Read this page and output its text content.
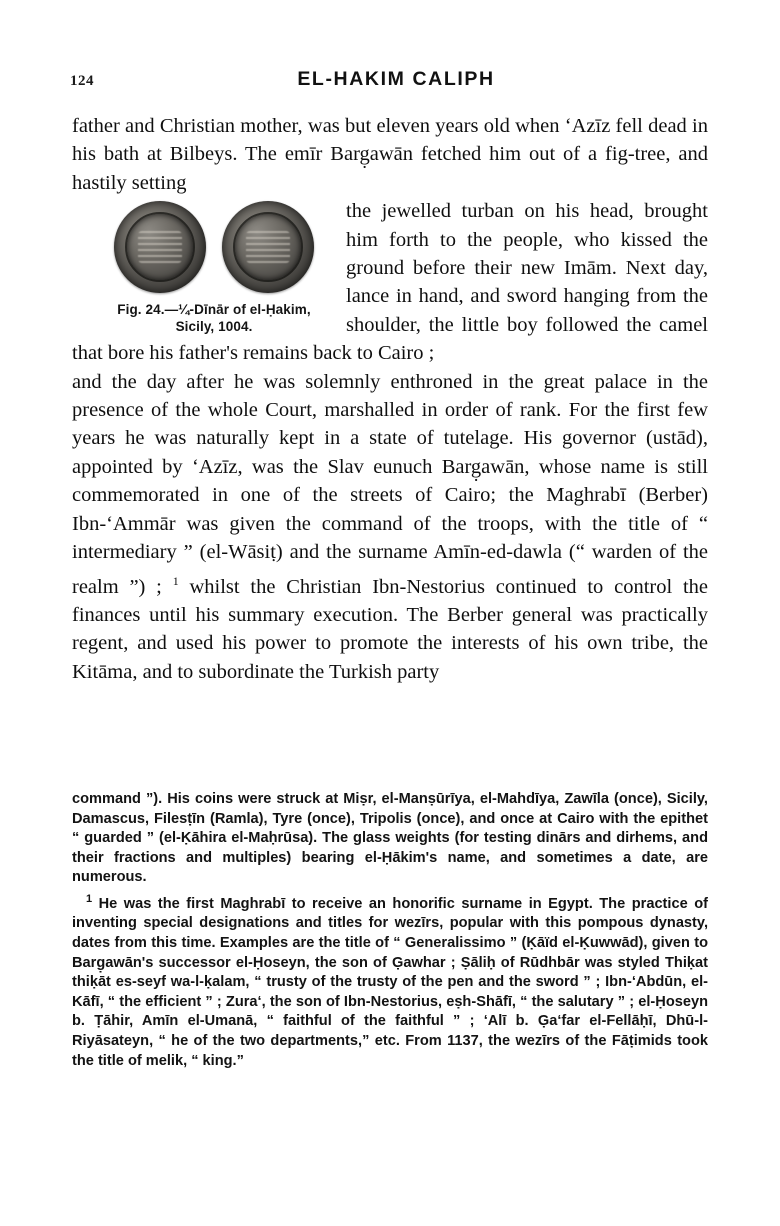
124	EL-HAKIM CALIPH

father and Christian mother, was but eleven years old when ‘Azīz fell dead in his bath at Bilbeys. The emīr Barg̣awān fetched him out of a fig-tree, and hastily setting

Fig. 24.—¼-Dīnār of el-Ḥakim,
Sicily, 1004.

the jewelled turban on his head, brought him forth to the people, who kissed the ground before their new Imām. Next day, lance in hand, and sword hanging from the shoulder, the little boy followed the camel that bore his father's remains back to Cairo ;

and the day after he was solemnly enthroned in the great palace in the presence of the whole Court, marshalled in order of rank. For the first few years he was naturally kept in a state of tutelage. His governor (ustād), appointed by ‘Azīz, was the Slav eunuch Barg̣awān, whose name is still commemorated in one of the streets of Cairo; the Maghrabī (Berber) Ibn-‘Ammār was given the command of the troops, with the title of “ intermediary ” (el-Wāsiṭ) and the surname Amīn-ed-dawla (“ warden of the realm ”) ; $^1$ whilst the Christian Ibn-Nestorius continued to control the finances until his summary execution. The Berber general was practically regent, and used his power to promote the interests of his own tribe, the Kitāma, and to subordinate the Turkish party

command ”). His coins were struck at Miṣr, el-Manṣūrīya, el-Mahdīya, Zawīla (once), Sicily, Damascus, Filesṭīn (Ramla), Tyre (once), Tripolis (once), and once at Cairo with the epithet “ guarded ” (el-Ḳāhira el-Maḥrūsa). The glass weights (for testing dinārs and dirhems, and their fractions and multiples) bearing el-Ḥākim's name, and sometimes a date, are numerous.

$^1$ He was the first Maghrabī to receive an honorific surname in Egypt. The practice of inventing special designations and titles for wezīrs, popular with this pompous dynasty, dates from this time. Examples are the title of “ Generalissimo ” (Ḳāïd el-Ḳuwwād), given to Barg̣awān's successor el-Ḥoseyn, the son of G̣awhar ; Ṣāliḥ of Rūdhbār was styled Thiḳat thiḳāt es-seyf wa-l-ḳalam, “ trusty of the trusty of the pen and the sword ” ; Ibn-‘Abdūn, el-Kāfī, “ the efficient ” ; Zura‘, the son of Ibn-Nestorius, eṣh-Shāfī, “ the salutary ” ; el-Ḥoseyn b. Ṭāhir, Amīn el-Umanā, “ faithful of the faithful ” ; ‘Alī b. G̣a‘far el-Fellāḥī, Dhū-l-Riyāsateyn, “ he of the two departments,” etc. From 1137, the wezīrs of the Fāṭimids took the title of melik, “ king.”
